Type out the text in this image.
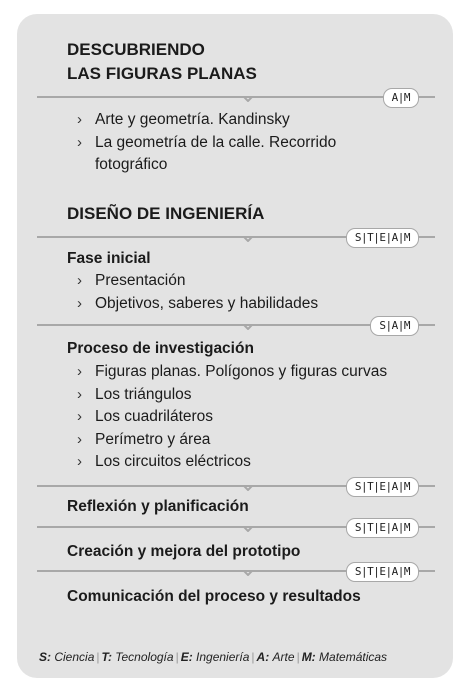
DESCUBRIENDO
LAS FIGURAS PLANAS
A|M
› Arte y geometría. Kandinsky
› La geometría de la calle. Recorrido
fotográfico
DISEÑO DE INGENIERÍA
S|T|E|A|M
Fase inicial
› Presentación
› Objetivos, saberes y habilidades
S|A|M
Proceso de investigación
› Figuras planas. Polígonos y figuras curvas
› Los triángulos
› Los cuadriláteros
› Perímetro y área
› Los circuitos eléctricos
S|T|E|A|M
Reflexión y planificación
S|T|E|A|M
Creación y mejora del prototipo
S|T|E|A|M
Comunicación del proceso y resultados
S: Ciencia | T: Tecnología | E: Ingeniería | A: Arte | M: Matemáticas
